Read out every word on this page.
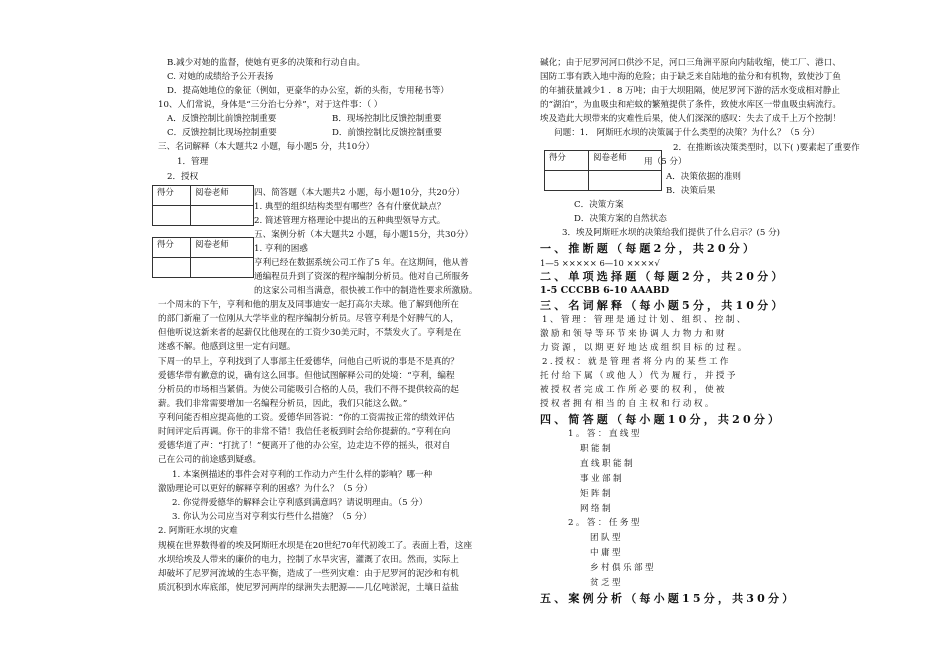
B.减少对她的监督，使她有更多的决策和行动自由。
C. 对她的成绩给予公开表扬
D．提高她地位的象征（例如，更豪华的办公室，新的头衔，专用秘书等）
10、人们常说，身体是“三分治七分养”，对于这件事：（ ）
A．反馈控制比前馈控制重要	B．现场控制比反馈控制重要
C．反馈控制比现场控制重要	D．前馈控制比反馈控制重要
三、名词解释（本大题共2 小题，每小题5 分，共10分）
1．管理
2．授权
得分	阅卷老师
		四、简答题（本大题共2 小题，每小题10分，共20分）
1. 典型的组织结构类型有哪些？各有什麼优缺点？
2. 简述管理方格理论中提出的五种典型领导方式。
五、案例分析（本大题共2 小题，每小题15分，共30分）
得分	阅卷老师
		1. 亨利的困惑
亨利已经在数据系统公司工作了5 年。在这期间，他从普
通编程员升到了资深的程序编制分析员。他对自己所服务
的这家公司相当满意，很快被工作中的制造性要求所激励。
一个周末的下午，亨利和他的朋友及同事迪安一起打高尔夫球。他了解到他所在
的部门新雇了一位刚从大学毕业的程序编制分析员。尽管亨利是个好脾气的人，
但他听说这新来者的起薪仅比他现在的工资少30美元时，不禁发火了。亨利是在
迷惑不解。他感到这里一定有问题。
下周一的早上，亨利找到了人事部主任爱德华，问他自己听说的事是不是真的？
爱德华带有歉意的说，确有这么回事。但他试图解释公司的处境：“亨利，编程
分析员的市场相当紧俏。为使公司能吸引合格的人员，我们不得不提供较高的起
薪。我们非常需要增加一名编程分析员，因此，我们只能这么做。”
亨利问能否相应提高他的工资。爱德华回答说：“你的工资需按正常的绩效评估
时间评定后再调。你干的非常不错！我信任老板到时会给你提薪的。”亨利在向
爱德华道了声：“打扰了！”便离开了他的办公室，边走边不停的摇头，很对自
己在公司的前途感到疑惑。
1. 本案例描述的事件会对亨利的工作动力产生什么样的影响？哪一种
激励理论可以更好的解释亨利的困惑？为什么？（5 分）
2. 你觉得爱德华的解释会让亨利感到满意吗？请说明理由。（5 分）
3. 你认为公司应当对亨利实行些什么措施？（5 分）
2. 阿斯旺水坝的灾难
规模在世界数得着的埃及阿斯旺水坝是在20世纪70年代初竣工了。表面上看，这座
水坝给埃及人带来的廉价的电力，控制了水旱灾害，灌溉了农田。然而，实际上
却破坏了尼罗河流域的生态平衡，造成了一些列灾难：由于尼罗河的泥沙和有机
质沉积到水库底部，使尼罗河两岸的绿洲失去肥源——几亿吨淤泥，土壤日益盐
碱化；由于尼罗河河口供沙不足，河口三角洲平原向内陆收缩，使工厂、港口、
国防工事有跌入地中海的危险；由于缺乏来自陆地的盐分和有机物，致使沙丁鱼
的年捕获量减少1 ．8 万吨；由于大坝阻隔，使尼罗河下游的活水变成相对静止
的“湖泊”，为血吸虫和疟蚊的繁殖提供了条件，致使水库区一带血吸虫病流行。
埃及造此大坝带来的灾难性后果，使人们深深的感叹：失去了成千上万个控制！
问题：1． 阿斯旺水坝的决策属于什么类型的决策？为什么？（5 分）
得分	阅卷老师

2．在推断该决策类型时，以下( )要素起了重要作
用（5 分）
A．决策依据的准则
B．决策后果
C．决策方案
D．决策方案的自然状态
3．埃及阿斯旺水坝的决策给我们提供了什么启示？(5 分)
一、推断题（每题2分，共20分）
1—5 ××××× 6—10 ××××√
二、单项选择题（每题2分，共20分）
1-5 CCCBB 6-10 AAABD
三、名词解释（每小题5分，共10分）
1、管理：管理是通过计划、组织、控制、
激励和领导等环节来协调人力物力和财
力资源，以期更好地达成组织目标的过程。
2.授权：就是管理者将分内的某些工作
托付给下属（或他人）代为履行，并授予
被授权者完成工作所必要的权利，使被
授权者拥有相当的自主权和行动权。
四、简答题（每小题10分，共20分）
1。答：直线型
职能制
直线职能制
事业部制
矩阵制
网络制
2。答：任务型
团队型
中庸型
乡村俱乐部型
贫乏型
五、案例分析（每小题15分，共30分）
